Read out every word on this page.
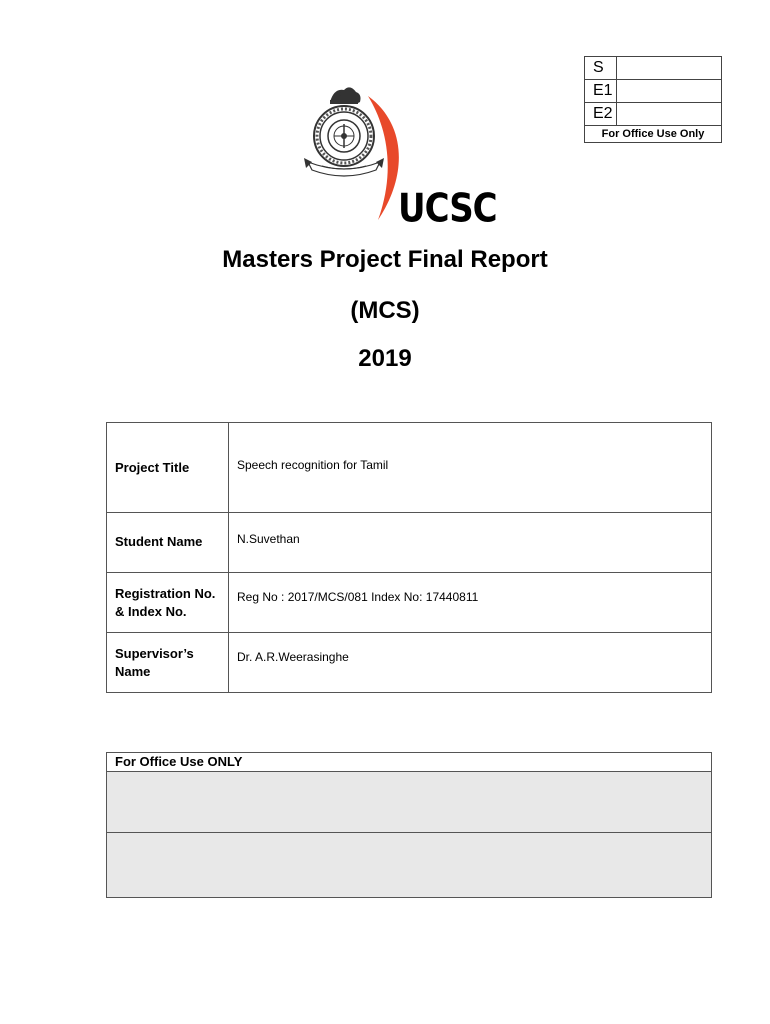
S
E1
E2
For Office Use Only
UCSC
Masters Project Final Report
(MCS)
2019
Project Title	Speech recognition for Tamil
Student Name	N.Suvethan
Registration No.
& Index No.
Reg No : 2017/MCS/081 Index No: 17440811
Supervisor’s
Name
Dr. A.R.Weerasinghe
For Office Use ONLY
